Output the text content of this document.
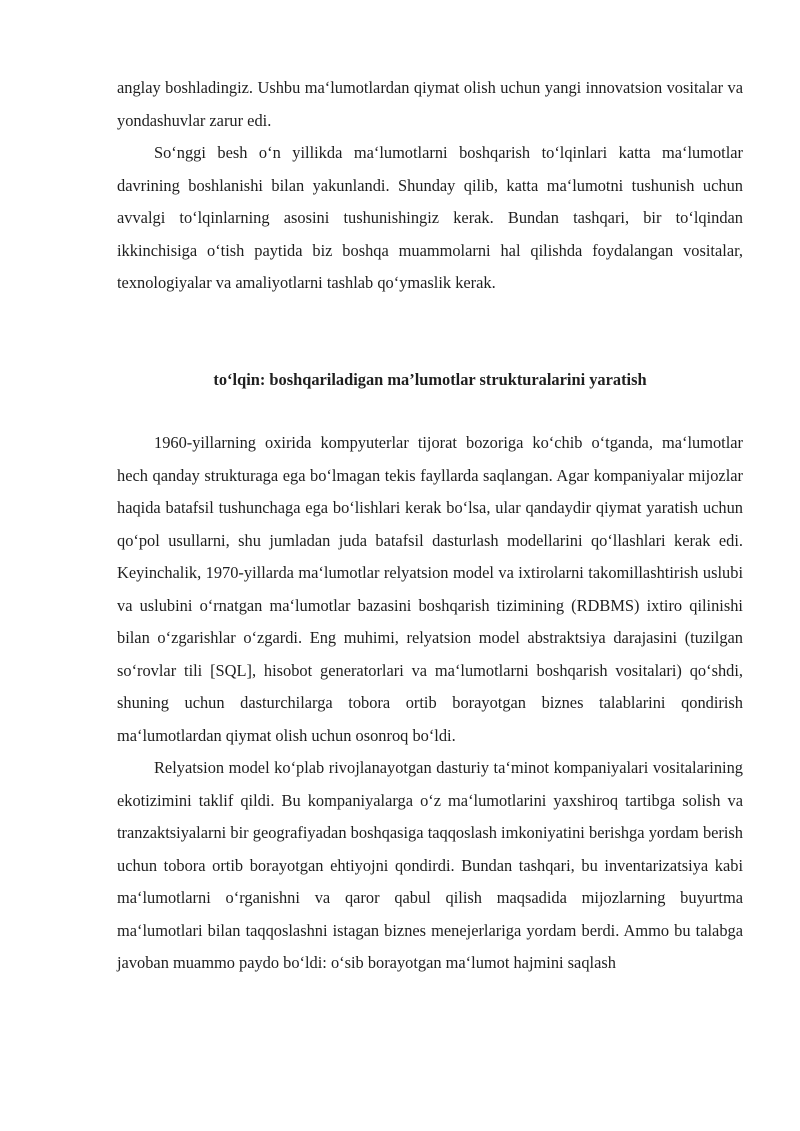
anglay boshladingiz. Ushbu maʻlumotlardan qiymat olish uchun yangi innovatsion vositalar va yondashuvlar zarur edi.

Soʻnggi besh oʻn yillikda maʻlumotlarni boshqarish toʻlqinlari katta maʻlumotlar davrining boshlanishi bilan yakunlandi. Shunday qilib, katta maʻlumotni tushunish uchun avvalgi toʻlqinlarning asosini tushunishingiz kerak. Bundan tashqari, bir toʻlqindan ikkinchisiga oʻtish paytida biz boshqa muammolarni hal qilishda foydalangan vositalar, texnologiyalar va amaliyotlarni tashlab qoʻymaslik kerak.

toʻlqin: boshqariladigan ma’lumotlar strukturalarini yaratish

1960-yillarning oxirida kompyuterlar tijorat bozoriga koʻchib oʻtganda, maʻlumotlar hech qanday strukturaga ega boʻlmagan tekis fayllarda saqlangan. Agar kompaniyalar mijozlar haqida batafsil tushunchaga ega boʻlishlari kerak boʻlsa, ular qandaydir qiymat yaratish uchun qoʻpol usullarni, shu jumladan juda batafsil dasturlash modellarini qoʻllashlari kerak edi. Keyinchalik, 1970-yillarda maʻlumotlar relyatsion model va ixtirolarni takomillashtirish uslubi va uslubini oʻrnatgan maʻlumotlar bazasini boshqarish tizimining (RDBMS) ixtiro qilinishi bilan oʻzgarishlar oʻzgardi. Eng muhimi, relyatsion model abstraktsiya darajasini (tuzilgan soʻrovlar tili [SQL], hisobot generatorlari va maʻlumotlarni boshqarish vositalari) qoʻshdi, shuning uchun dasturchilarga tobora ortib borayotgan biznes talablarini qondirish maʻlumotlardan qiymat olish uchun osonroq boʻldi.

Relyatsion model koʻplab rivojlanayotgan dasturiy taʻminot kompaniyalari vositalarining ekotizimini taklif qildi. Bu kompaniyalarga oʻz maʻlumotlarini yaxshiroq tartibga solish va tranzaktsiyalarni bir geografiyadan boshqasiga taqqoslash imkoniyatini berishga yordam berish uchun tobora ortib borayotgan ehtiyojni qondirdi. Bundan tashqari, bu inventarizatsiya kabi maʻlumotlarni oʻrganishni va qaror qabul qilish maqsadida mijozlarning buyurtma maʻlumotlari bilan taqqoslashni istagan biznes menejerlariga yordam berdi. Ammo bu talabga javoban muammo paydo boʻldi: oʻsib borayotgan maʻlumot hajmini saqlash
